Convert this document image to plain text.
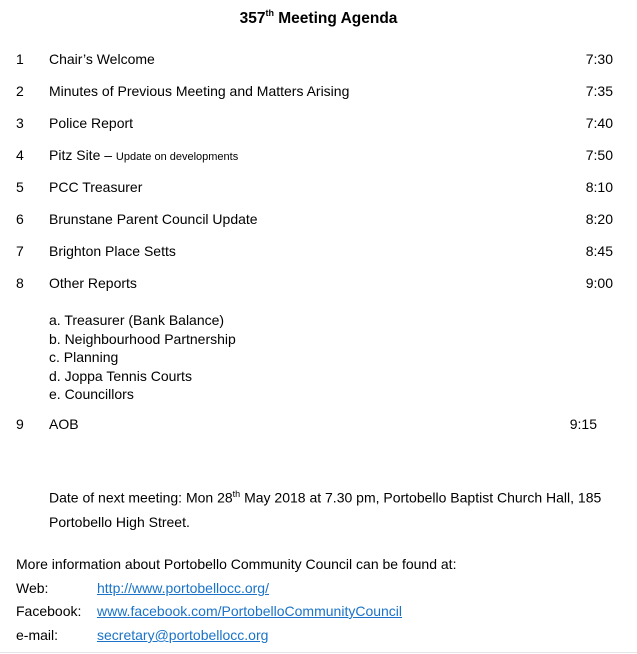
357th Meeting Agenda
1 Chair’s Welcome	7:30
2 Minutes of Previous Meeting and Matters Arising	7:35
3 Police Report	7:40
4 Pitz Site – Update on developments	7:50
5 PCC Treasurer	8:10
6 Brunstane Parent Council Update	8:20
7 Brighton Place Setts	8:45
8 Other Reports	9:00
a. Treasurer (Bank Balance)
b. Neighbourhood Partnership
c. Planning
d. Joppa Tennis Courts
e. Councillors
9 AOB	9:15
Date of next meeting: Mon 28th May 2018 at 7.30 pm, Portobello Baptist Church Hall, 185 Portobello High Street.
More information about Portobello Community Council can be found at:
Web:	http://www.portobellocc.org/
Facebook: www.facebook.com/PortobelloCommunityCouncil
e-mail:	secretary@portobellocc.org
